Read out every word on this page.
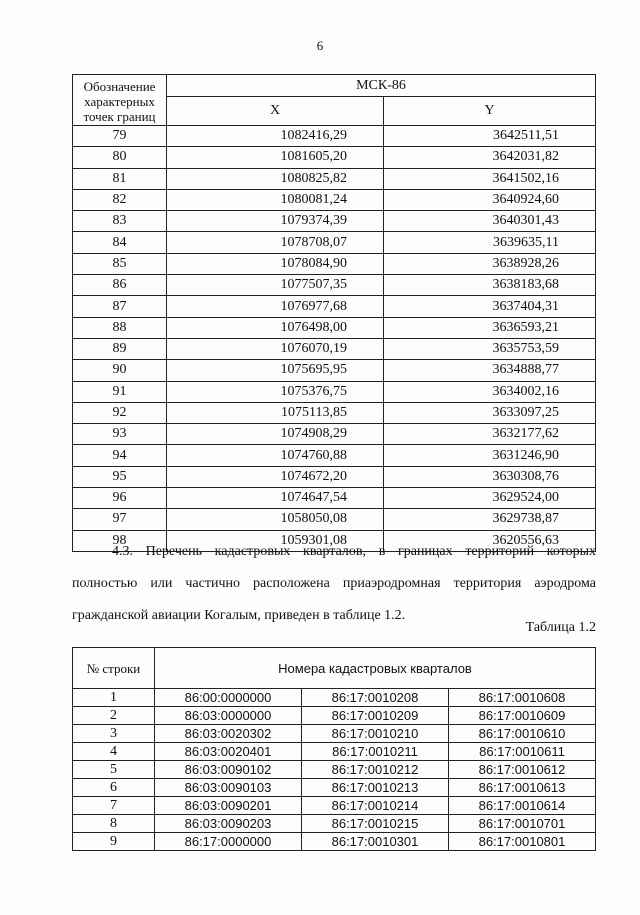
6
Обозначение характерных точек границ	МСК-86	
	X	Y
79	1082416,29	3642511,51
80	1081605,20	3642031,82
81	1080825,82	3641502,16
82	1080081,24	3640924,60
83	1079374,39	3640301,43
84	1078708,07	3639635,11
85	1078084,90	3638928,26
86	1077507,35	3638183,68
87	1076977,68	3637404,31
88	1076498,00	3636593,21
89	1076070,19	3635753,59
90	1075695,95	3634888,77
91	1075376,75	3634002,16
92	1075113,85	3633097,25
93	1074908,29	3632177,62
94	1074760,88	3631246,90
95	1074672,20	3630308,76
96	1074647,54	3629524,00
97	1058050,08	3629738,87
98	1059301,08	3620556,63

4.3. Перечень кадастровых кварталов, в границах территорий которых полностью или частично расположена приаэродромная территория аэродрома гражданской авиации Когалым, приведен в таблице 1.2.

Таблица 1.2
№ строки	Номера кадастровых кварталов		
1	86:00:0000000	86:17:0010208	86:17:0010608
2	86:03:0000000	86:17:0010209	86:17:0010609
3	86:03:0020302	86:17:0010210	86:17:0010610
4	86:03:0020401	86:17:0010211	86:17:0010611
5	86:03:0090102	86:17:0010212	86:17:0010612
6	86:03:0090103	86:17:0010213	86:17:0010613
7	86:03:0090201	86:17:0010214	86:17:0010614
8	86:03:0090203	86:17:0010215	86:17:0010701
9	86:17:0000000	86:17:0010301	86:17:0010801
